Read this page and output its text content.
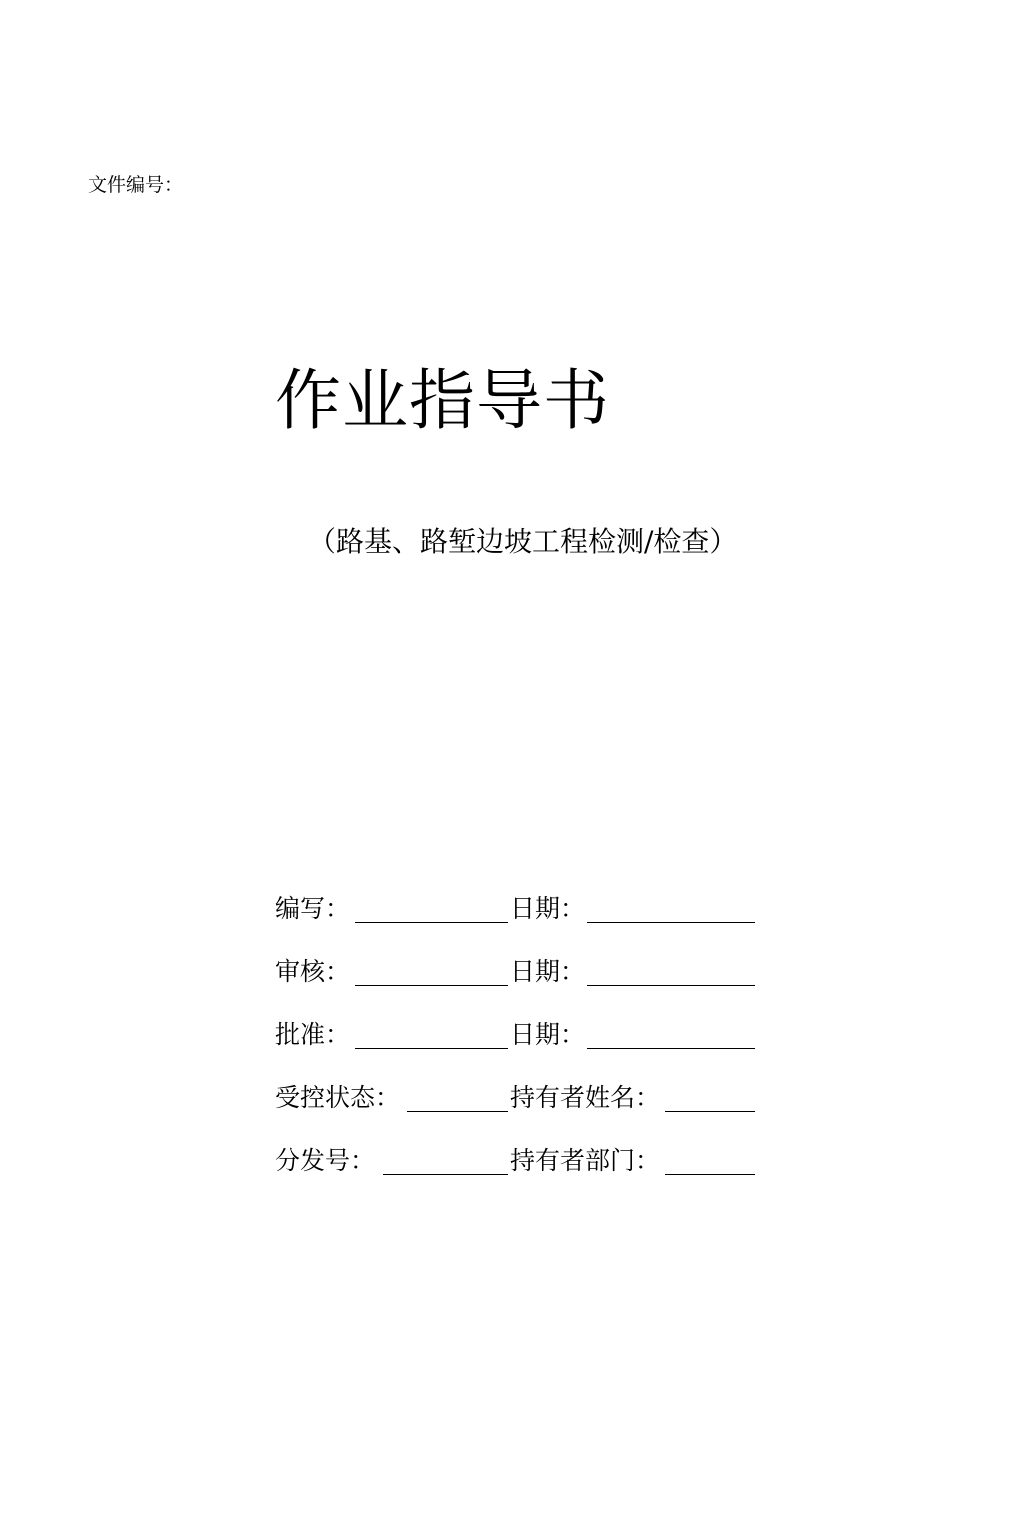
文件编号：
作业指导书
（路基、路堑边坡工程检测/检查）
编写：	日期：
审核：	日期：
批准：	日期：
受控状态：	持有者姓名：
分发号：	持有者部门：
